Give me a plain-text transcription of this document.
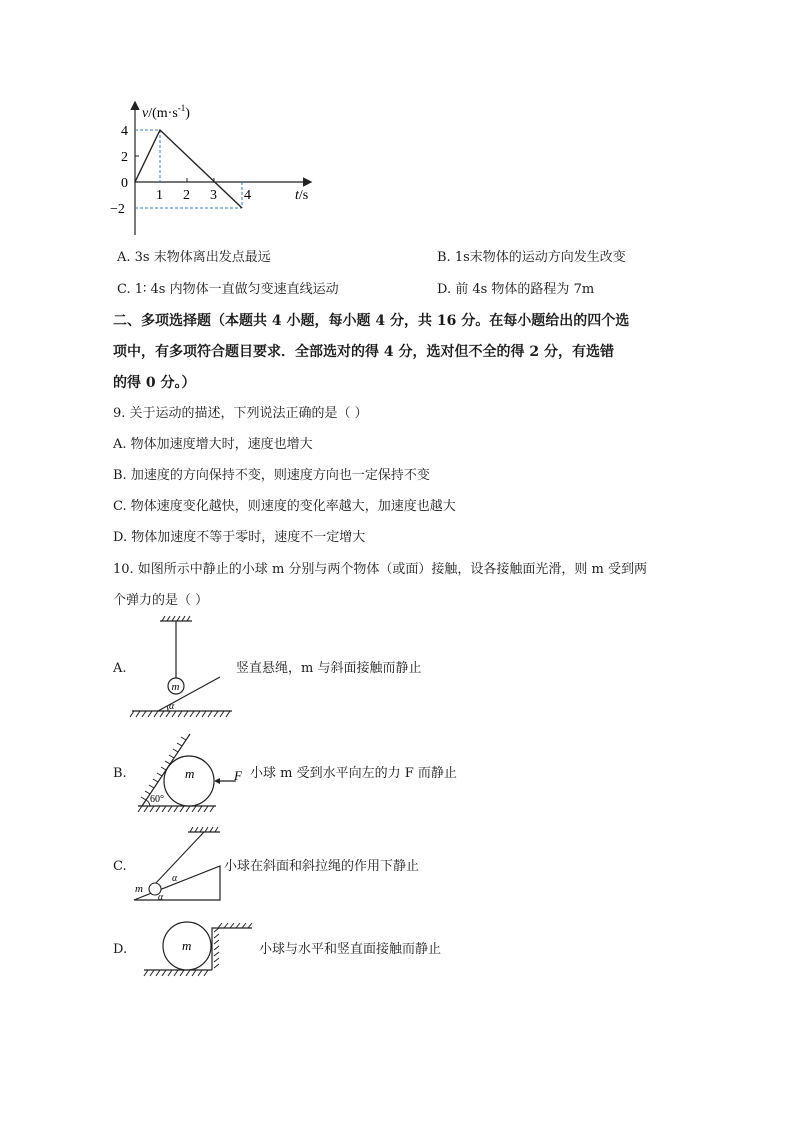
$v/(m\cdot s^{-1})$
t/s
4
2
0
−2
1 2 3 4
A. 3s 末物体离出发点最远	B. 1s末物体的运动方向发生改变
C. 1∶ 4s 内物体一直做匀变速直线运动	D. 前 4s 物体的路程为 7m
二、多项选择题（本题共 4 小题，每小题 4 分，共 16 分。在每小题给出的四个选
项中，有多项符合题目要求．全部选对的得 4 分，选对但不全的得 2 分，有选错
的得 0 分。）
9. 关于运动的描述，下列说法正确的是（ ）
A. 物体加速度增大时，速度也增大
B. 加速度的方向保持不变，则速度方向也一定保持不变
C. 物体速度变化越快，则速度的变化率越大，加速度也越大
D. 物体加速度不等于零时，速度不一定增大
10. 如图所示中静止的小球 m 分别与两个物体（或面）接触，设各接触面光滑，则 m 受到两
个弹力的是（ ）
A.
m
α
竖直悬绳，m 与斜面接触而静止
B.	m
60°
F 小球 m 受到水平向左的力 F 而静止
C.
m
α
α
小球在斜面和斜拉绳的作用下静止
D.	m	小球与水平和竖直面接触而静止
